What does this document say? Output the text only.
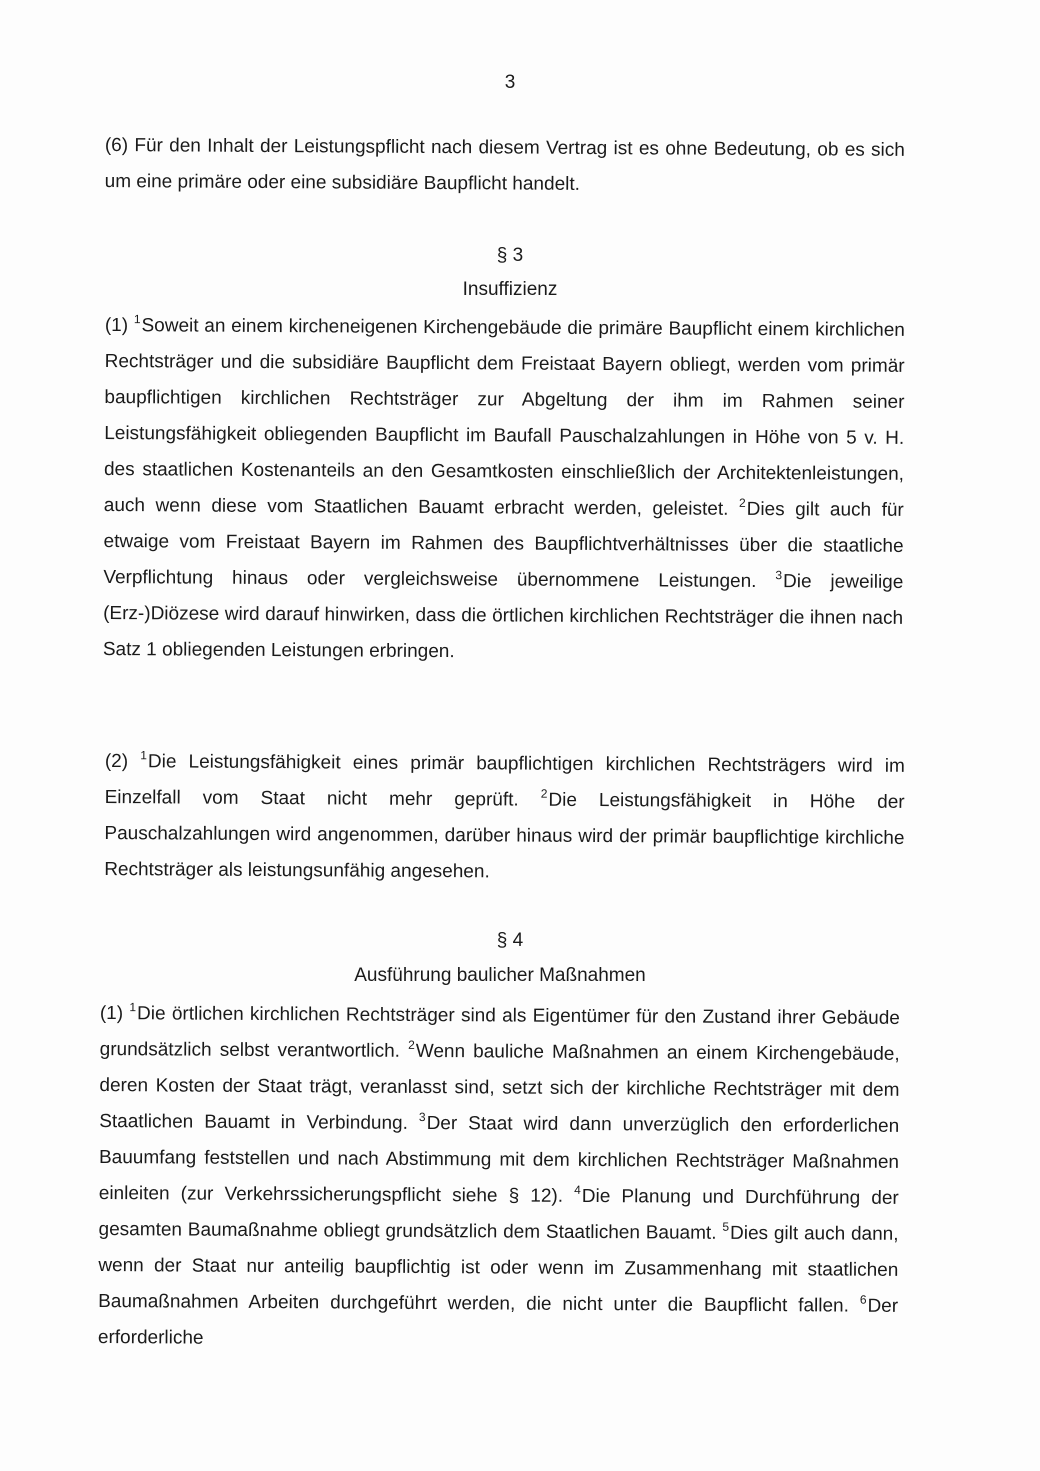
3

(6) Für den Inhalt der Leistungspflicht nach diesem Vertrag ist es ohne Bedeutung, ob es sich um eine primäre oder eine subsidiäre Baupflicht handelt.

§ 3
Insuffizienz

(1) $^1$Soweit an einem kircheneigenen Kirchengebäude die primäre Baupflicht einem kirchlichen Rechtsträger und die subsidiäre Baupflicht dem Freistaat Bayern obliegt, werden vom primär baupflichtigen kirchlichen Rechtsträger zur Abgeltung der ihm im Rahmen seiner Leistungsfähigkeit obliegenden Baupflicht im Baufall Pauschalzahlungen in Höhe von 5 v. H. des staatlichen Kostenanteils an den Gesamtkosten einschließlich der Architektenleistungen, auch wenn diese vom Staatlichen Bauamt erbracht werden, geleistet. $^2$Dies gilt auch für etwaige vom Freistaat Bayern im Rahmen des Baupflichtverhältnisses über die staatliche Verpflichtung hinaus oder vergleichsweise übernommene Leistungen. $^3$Die jeweilige (Erz-)Diözese wird darauf hinwirken, dass die örtlichen kirchlichen Rechtsträger die ihnen nach Satz 1 obliegenden Leistungen erbringen.

(2) $^1$Die Leistungsfähigkeit eines primär baupflichtigen kirchlichen Rechtsträgers wird im Einzelfall vom Staat nicht mehr geprüft. $^2$Die Leistungsfähigkeit in Höhe der Pauschalzahlungen wird angenommen, darüber hinaus wird der primär baupflichtige kirchliche Rechtsträger als leistungsunfähig angesehen.

§ 4
Ausführung baulicher Maßnahmen

(1) $^1$Die örtlichen kirchlichen Rechtsträger sind als Eigentümer für den Zustand ihrer Gebäude grundsätzlich selbst verantwortlich. $^2$Wenn bauliche Maßnahmen an einem Kirchengebäude, deren Kosten der Staat trägt, veranlasst sind, setzt sich der kirchliche Rechtsträger mit dem Staatlichen Bauamt in Verbindung. $^3$Der Staat wird dann unverzüglich den erforderlichen Bauumfang feststellen und nach Abstimmung mit dem kirchlichen Rechtsträger Maßnahmen einleiten (zur Verkehrssicherungspflicht siehe § 12). $^4$Die Planung und Durchführung der gesamten Baumaßnahme obliegt grundsätzlich dem Staatlichen Bauamt. $^5$Dies gilt auch dann, wenn der Staat nur anteilig baupflichtig ist oder wenn im Zusammenhang mit staatlichen Baumaßnahmen Arbeiten durchgeführt werden, die nicht unter die Baupflicht fallen. $^6$Der erforderliche
